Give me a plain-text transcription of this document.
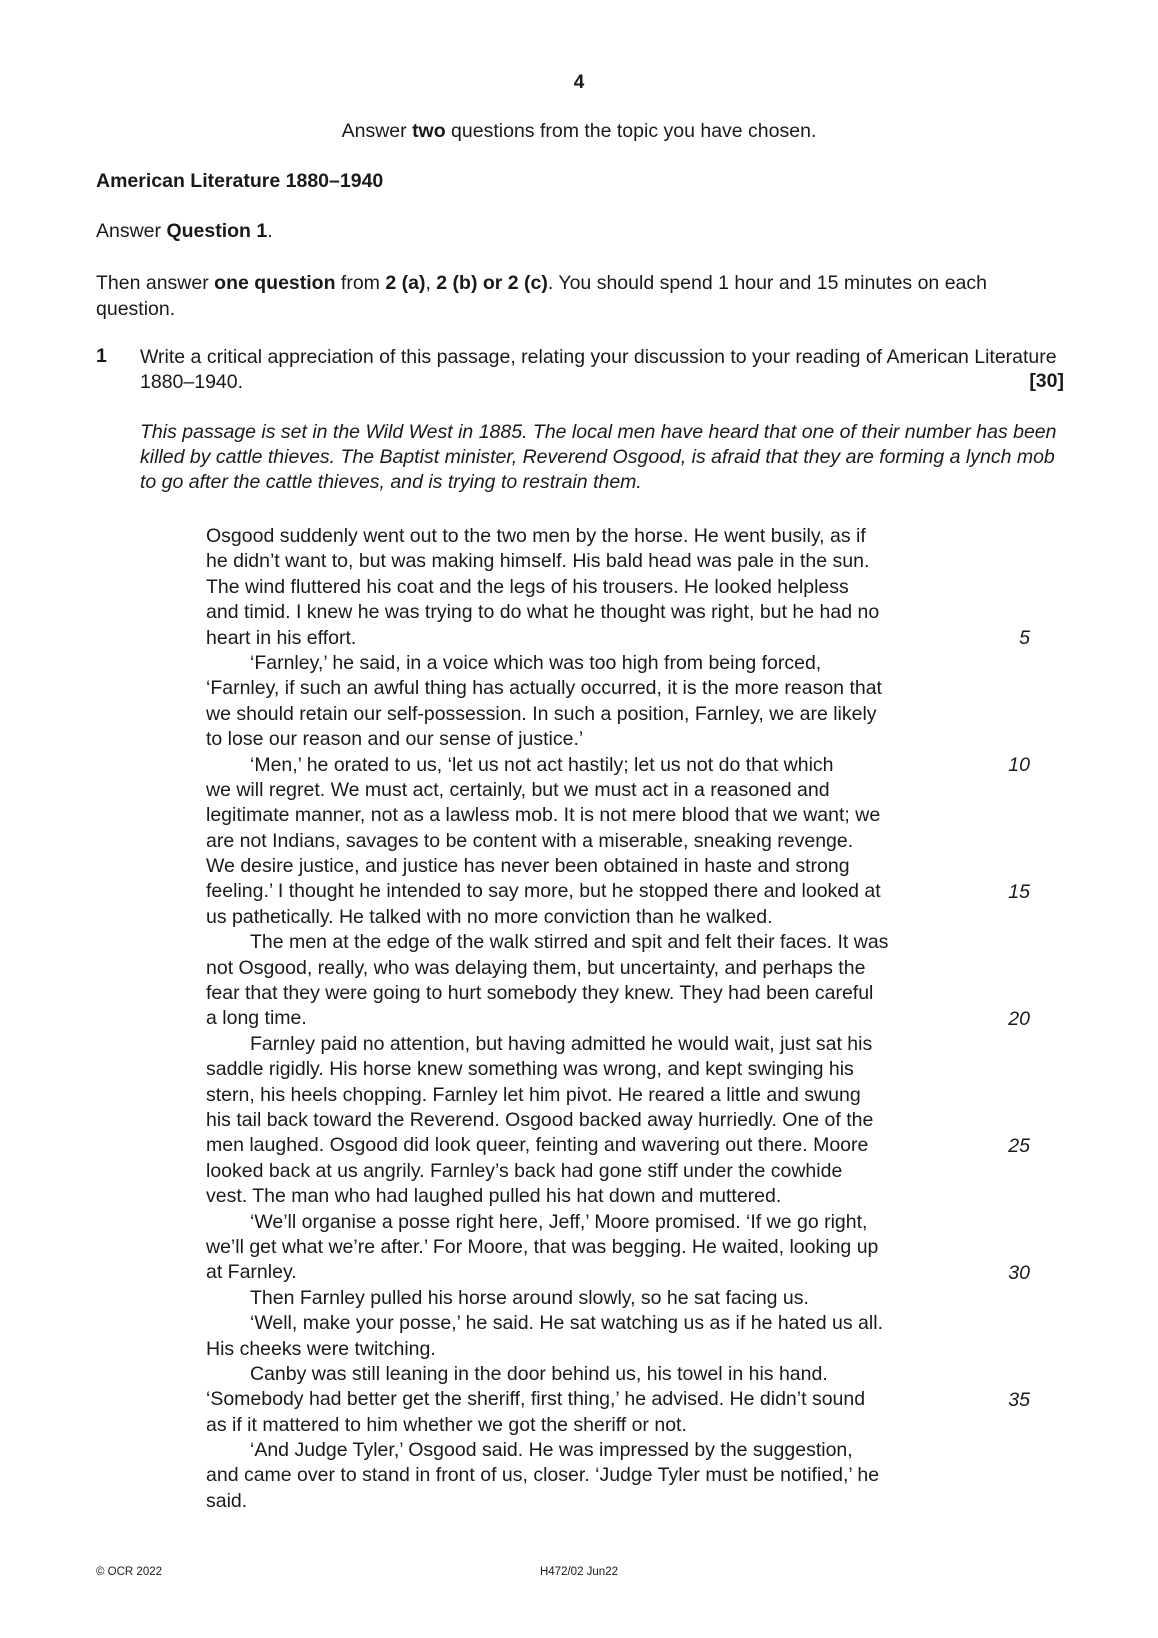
4
Answer two questions from the topic you have chosen.
American Literature 1880–1940
Answer Question 1.
Then answer one question from 2 (a), 2 (b) or 2 (c). You should spend 1 hour and 15 minutes on each question.
1 Write a critical appreciation of this passage, relating your discussion to your reading of American Literature 1880–1940.	[30]
This passage is set in the Wild West in 1885. The local men have heard that one of their number has been killed by cattle thieves. The Baptist minister, Reverend Osgood, is afraid that they are forming a lynch mob to go after the cattle thieves, and is trying to restrain them.
Osgood suddenly went out to the two men by the horse. He went busily, as if
he didn’t want to, but was making himself. His bald head was pale in the sun.
The wind fluttered his coat and the legs of his trousers. He looked helpless
and timid. I knew he was trying to do what he thought was right, but he had no
heart in his effort.
‘Farnley,’ he said, in a voice which was too high from being forced,
‘Farnley, if such an awful thing has actually occurred, it is the more reason that
we should retain our self-possession. In such a position, Farnley, we are likely
to lose our reason and our sense of justice.’
‘Men,’ he orated to us, ‘let us not act hastily; let us not do that which
we will regret. We must act, certainly, but we must act in a reasoned and
legitimate manner, not as a lawless mob. It is not mere blood that we want; we
are not Indians, savages to be content with a miserable, sneaking revenge.
We desire justice, and justice has never been obtained in haste and strong
feeling.’ I thought he intended to say more, but he stopped there and looked at
us pathetically. He talked with no more conviction than he walked.
The men at the edge of the walk stirred and spit and felt their faces. It was
not Osgood, really, who was delaying them, but uncertainty, and perhaps the
fear that they were going to hurt somebody they knew. They had been careful
a long time.
Farnley paid no attention, but having admitted he would wait, just sat his
saddle rigidly. His horse knew something was wrong, and kept swinging his
stern, his heels chopping. Farnley let him pivot. He reared a little and swung
his tail back toward the Reverend. Osgood backed away hurriedly. One of the
men laughed. Osgood did look queer, feinting and wavering out there. Moore
looked back at us angrily. Farnley’s back had gone stiff under the cowhide
vest. The man who had laughed pulled his hat down and muttered.
‘We’ll organise a posse right here, Jeff,’ Moore promised. ‘If we go right,
we’ll get what we’re after.’ For Moore, that was begging. He waited, looking up
at Farnley.
Then Farnley pulled his horse around slowly, so he sat facing us.
‘Well, make your posse,’ he said. He sat watching us as if he hated us all.
His cheeks were twitching.
Canby was still leaning in the door behind us, his towel in his hand.
‘Somebody had better get the sheriff, first thing,’ he advised. He didn’t sound
as if it mattered to him whether we got the sheriff or not.
‘And Judge Tyler,’ Osgood said. He was impressed by the suggestion,
and came over to stand in front of us, closer. ‘Judge Tyler must be notified,’ he
said.
5
10
15
20
25
30
35
© OCR 2022	H472/02 Jun22
